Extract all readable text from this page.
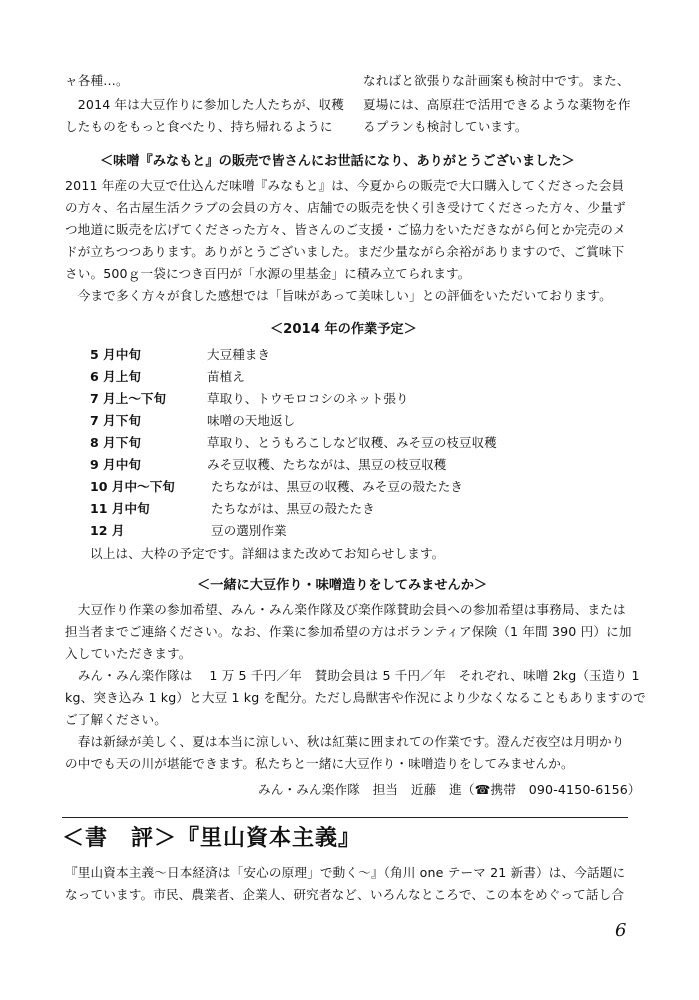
ャ各種…。
　2014 年は大豆作りに参加した人たちが、収穫
したものをもっと食べたり、持ち帰れるように
なればと欲張りな計画案も検討中です。また、
夏場には、高原荘で活用できるような薬物を作
るプランも検討しています。
＜味噌『みなもと』の販売で皆さんにお世話になり、ありがとうございました＞
2011 年産の大豆で仕込んだ味噌『みなもと』は、今夏からの販売で大口購入してくださった会員
の方々、名古屋生活クラブの会員の方々、店舗での販売を快く引き受けてくださった方々、少量ず
つ地道に販売を広げてくださった方々、皆さんのご支援・ご協力をいただきながら何とか完売のメ
ドが立ちつつあります。ありがとうございました。まだ少量ながら余裕がありますので、ご賞味下
さい。500ｇ一袋につき百円が「水源の里基金」に積み立てられます。
　今まで多く方々が食した感想では「旨味があって美味しい」との評価をいただいております。
＜2014 年の作業予定＞
5 月中旬	大豆種まき
6 月上旬	苗植え
7 月上～下旬	草取り、トウモロコシのネット張り
7 月下旬	味噌の天地返し
8 月下旬	草取り、とうもろこしなど収穫、みそ豆の枝豆収穫
9 月中旬	みそ豆収穫、たちながは、黒豆の枝豆収穫
10 月中～下旬	たちながは、黒豆の収穫、みそ豆の殻たたき
11 月中旬	たちながは、黒豆の殻たたき
12 月	豆の選別作業
以上は、大枠の予定です。詳細はまた改めてお知らせします。
＜一緒に大豆作り・味噌造りをしてみませんか＞
　大豆作り作業の参加希望、みん・みん楽作隊及び楽作隊賛助会員への参加希望は事務局、または
担当者までご連絡ください。なお、作業に参加希望の方はボランティア保険（1 年間 390 円）に加
入していただきます。
　みん・みん楽作隊は　 1 万 5 千円／年　賛助会員は 5 千円／年　それぞれ、味噌 2kg（玉造り 1
kg、突き込み 1 kg）と大豆 1 kg を配分。ただし鳥獣害や作況により少なくなることもありますので
ご了解ください。
　春は新緑が美しく、夏は本当に涼しい、秋は紅葉に囲まれての作業です。澄んだ夜空は月明かり
の中でも天の川が堪能できます。私たちと一緒に大豆作り・味噌造りをしてみませんか。
みん・みん楽作隊　担当　近藤　進（☎携帯　090-4150-6156）
＜書　評＞『里山資本主義』
『里山資本主義～日本経済は「安心の原理」で動く～』（角川 one テーマ 21 新書）は、今話題に
なっています。市民、農業者、企業人、研究者など、いろんなところで、この本をめぐって話し合
6
